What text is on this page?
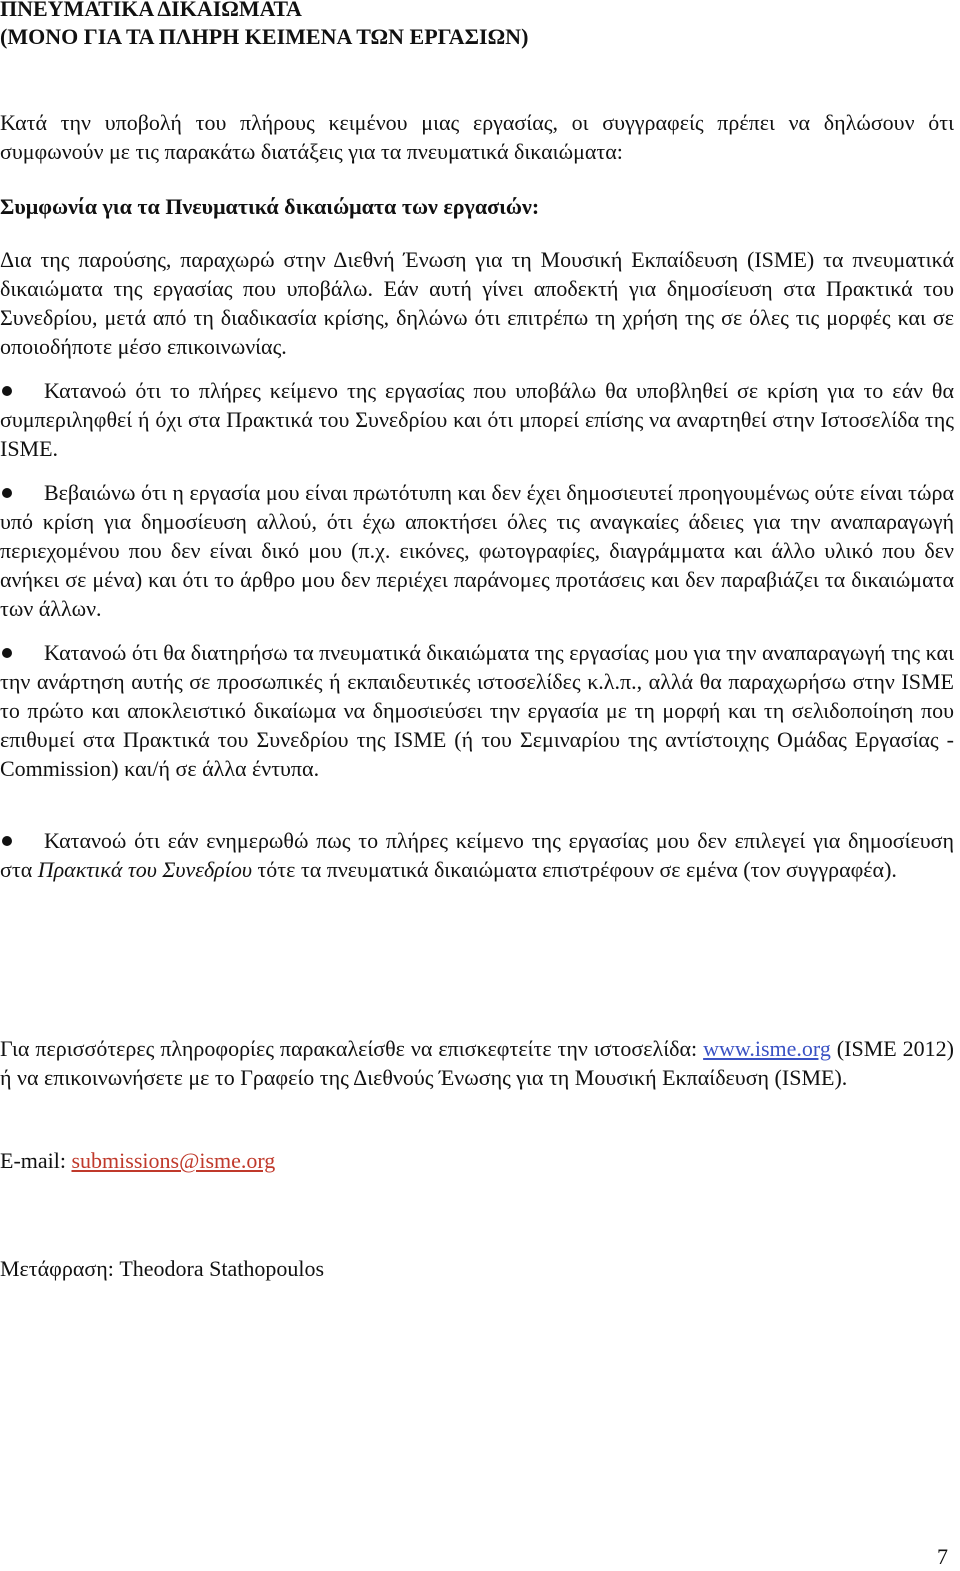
ΠΝΕΥΜΑΤΙΚΑ ΔΙΚΑΙΩΜΑΤΑ
(ΜΟΝΟ ΓΙΑ ΤΑ ΠΛΗΡΗ ΚΕΙΜΕΝΑ ΤΩΝ ΕΡΓΑΣΙΩΝ)

Κατά την υποβολή του πλήρους κειμένου μιας εργασίας, οι συγγραφείς πρέπει να δηλώσουν ότι συμφωνούν με τις παρακάτω διατάξεις για τα πνευματικά δικαιώματα:

Συμφωνία για τα Πνευματικά δικαιώματα των εργασιών:

Δια της παρούσης, παραχωρώ στην Διεθνή Ένωση για τη Μουσική Εκπαίδευση (ISME) τα πνευματικά δικαιώματα της εργασίας που υποβάλω. Εάν αυτή γίνει αποδεκτή για δημοσίευση στα Πρακτικά του Συνεδρίου, μετά από τη διαδικασία κρίσης, δηλώνω ότι επιτρέπω τη χρήση της σε όλες τις μορφές και σε οποιοδήποτε μέσο επικοινωνίας.

Κατανοώ ότι το πλήρες κείμενο της εργασίας που υποβάλω θα υποβληθεί σε κρίση για το εάν θα συμπεριληφθεί ή όχι στα Πρακτικά του Συνεδρίου και ότι μπορεί επίσης να αναρτηθεί στην Ιστοσελίδα της ISME.

Βεβαιώνω ότι η εργασία μου είναι πρωτότυπη και δεν έχει δημοσιευτεί προηγουμένως ούτε είναι τώρα υπό κρίση για δημοσίευση αλλού, ότι έχω αποκτήσει όλες τις αναγκαίες άδειες για την αναπαραγωγή περιεχομένου που δεν είναι δικό μου (π.χ. εικόνες, φωτογραφίες, διαγράμματα και άλλο υλικό που δεν ανήκει σε μένα) και ότι το άρθρο μου δεν περιέχει παράνομες προτάσεις και δεν παραβιάζει τα δικαιώματα των άλλων.

Κατανοώ ότι θα διατηρήσω τα πνευματικά δικαιώματα της εργασίας μου για την αναπαραγωγή της και την ανάρτηση αυτής σε προσωπικές ή εκπαιδευτικές ιστοσελίδες κ.λ.π., αλλά θα παραχωρήσω στην ISME το πρώτο και αποκλειστικό δικαίωμα να δημοσιεύσει την εργασία με τη μορφή και τη σελιδοποίηση που επιθυμεί στα Πρακτικά του Συνεδρίου της ISME (ή του Σεμιναρίου της αντίστοιχης Ομάδας Εργασίας - Commission) και/ή σε άλλα έντυπα.

Κατανοώ ότι εάν ενημερωθώ πως το πλήρες κείμενο της εργασίας μου δεν επιλεγεί για δημοσίευση στα Πρακτικά του Συνεδρίου τότε τα πνευματικά δικαιώματα επιστρέφουν σε εμένα (τον συγγραφέα).

Για περισσότερες πληροφορίες παρακαλείσθε να επισκεφτείτε την ιστοσελίδα: www.isme.org (ISME 2012) ή να επικοινωνήσετε με το Γραφείο της Διεθνούς Ένωσης για τη Μουσική Εκπαίδευση (ISME).

E-mail: submissions@isme.org

Μετάφραση: Theodora Stathopoulos

7
